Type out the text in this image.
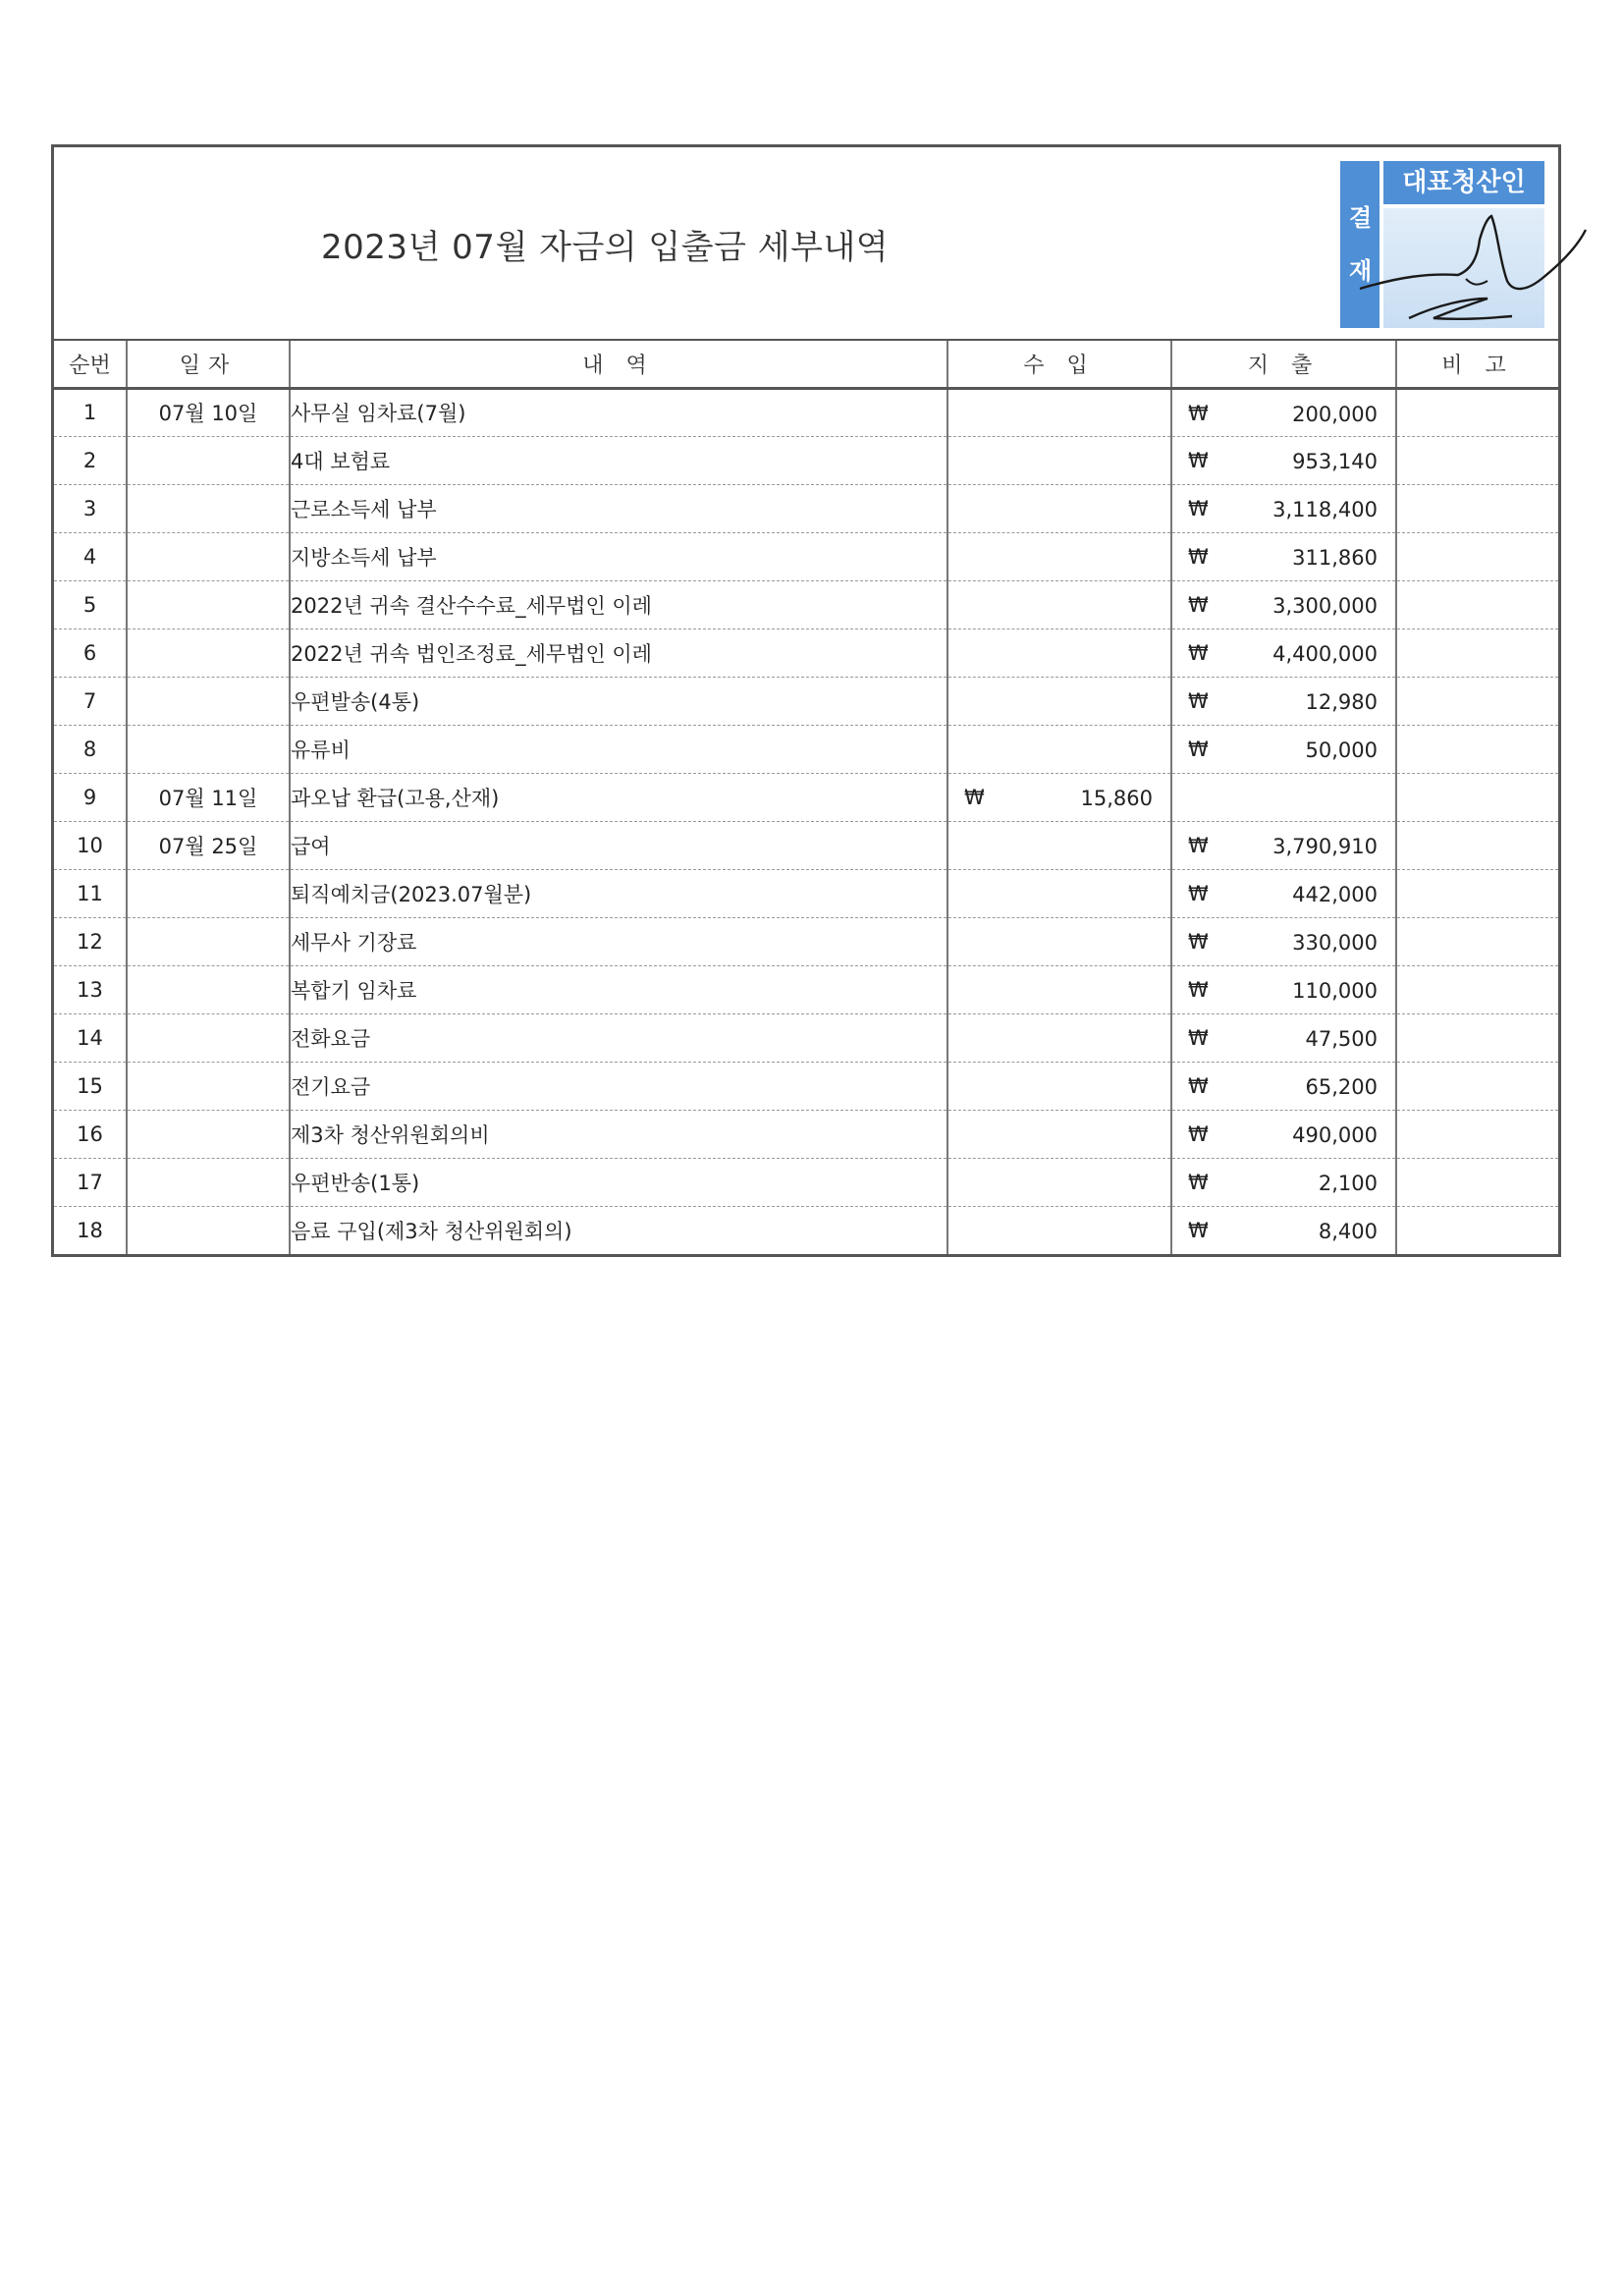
2023년 07월 자금의 입출금 세부내역
결
재
대표청산인
순번	일자	내 역	수 입	지 출	비 고
1	07월 10일	사무실 임차료(7월)		₩ 200,000	

2		4대 보험료		₩ 953,140	

3		근로소득세 납부		₩ 3,118,400	

4		지방소득세 납부		₩ 311,860	

5		2022년 귀속 결산수수료_세무법인 이레		₩ 3,300,000	

6		2022년 귀속 법인조정료_세무법인 이레		₩ 4,400,000	

7		우편발송(4통)		₩ 12,980	

8		유류비		₩ 50,000	

9	07월 11일	과오납 환급(고용,산재)	₩ 15,860		

10	07월 25일	급여		₩ 3,790,910	

11		퇴직예치금(2023.07월분)		₩ 442,000	

12		세무사 기장료		₩ 330,000	

13		복합기 임차료		₩ 110,000	

14		전화요금		₩ 47,500	

15		전기요금		₩ 65,200	

16		제3차 청산위원회의비		₩ 490,000	

17		우편반송(1통)		₩ 2,100	

18		음료 구입(제3차 청산위원회의)		₩ 8,400	
